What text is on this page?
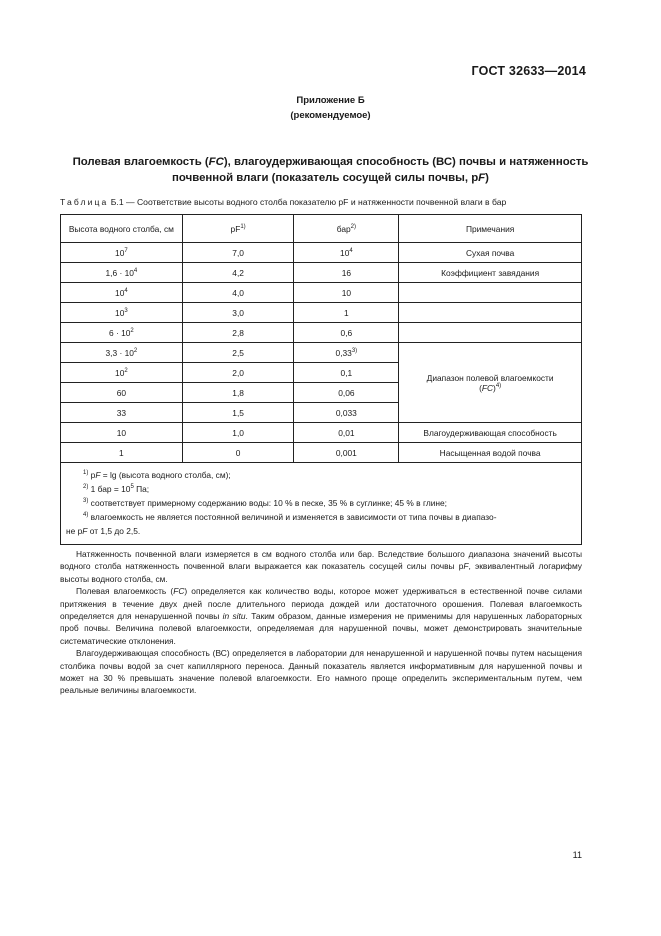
ГОСТ 32633—2014
Приложение Б
(рекомендуемое)
Полевая влагоемкость (FC), влагоудерживающая способность (ВС) почвы и натяженность
почвенной влаги (показатель сосущей силы почвы, рF)
Таблица Б.1 — Соответствие высоты водного столба показателю pF и натяженности почвенной влаги в бар
Высота водного столба, см	$pF^{1)}$	бар$^{2)}$	Примечания
$10^7$	7,0	$10^4$	Сухая почва
$1,6 \cdot 10^4$	4,2	16	Коэффициент завядания
$10^4$	4,0	10	
$10^3$	3,0	1	
$6 \cdot 10^2$	2,8	0,6	
$3,3 \cdot 10^2$	2,5	0,33$^{3)}$	Диапазон полевой влагоемкости
(FC)$^{4)}$

$10^2$	2,0	0,1	
60	1,8	0,06	
33	1,5	0,033	
10	1,0	0,01	Влагоудерживающая способность
1	0	0,001	Насыщенная водой почва

$^{1)}$ рF = lg (высота водного столба, см);
$^{2)}$ 1 бар = $10^5$ Па;
$^{3)}$ соответствует примерному содержанию воды: 10 % в песке, 35 % в суглинке; 45 % в глине;
$^{4)}$ влагоемкость не является постоянной величиной и изменяется в зависимости от типа почвы в диапазо-
не рF от 1,5 до 2,5.			

Натяженность почвенной влаги измеряется в см водного столба или бар. Вследствие большого диапазона значений высоты водного столба натяженность почвенной влаги выражается как показатель сосущей силы почвы рF, эквивалентный логарифму высоты водного столба, см.

Полевая влагоемкость (FC) определяется как количество воды, которое может удерживаться в естественной почве силами притяжения в течение двух дней после длительного периода дождей или достаточного орошения. Полевая влагоемкость определяется для ненарушенной почвы in situ. Таким образом, данные измерения не применимы для нарушенных лабораторных проб почвы. Величина полевой влагоемкости, определяемая для нарушенной почвы, может демонстрировать значительные систематические отклонения.

Влагоудерживающая способность (ВС) определяется в лаборатории для ненарушенной и нарушенной почвы путем насыщения столбика почвы водой за счет капиллярного переноса. Данный показатель является информативным для нарушенной почвы и может на 30 % превышать значение полевой влагоемкости. Его намного проще определить экспериментальным путем, чем реальные величины влагоемкости.

11
